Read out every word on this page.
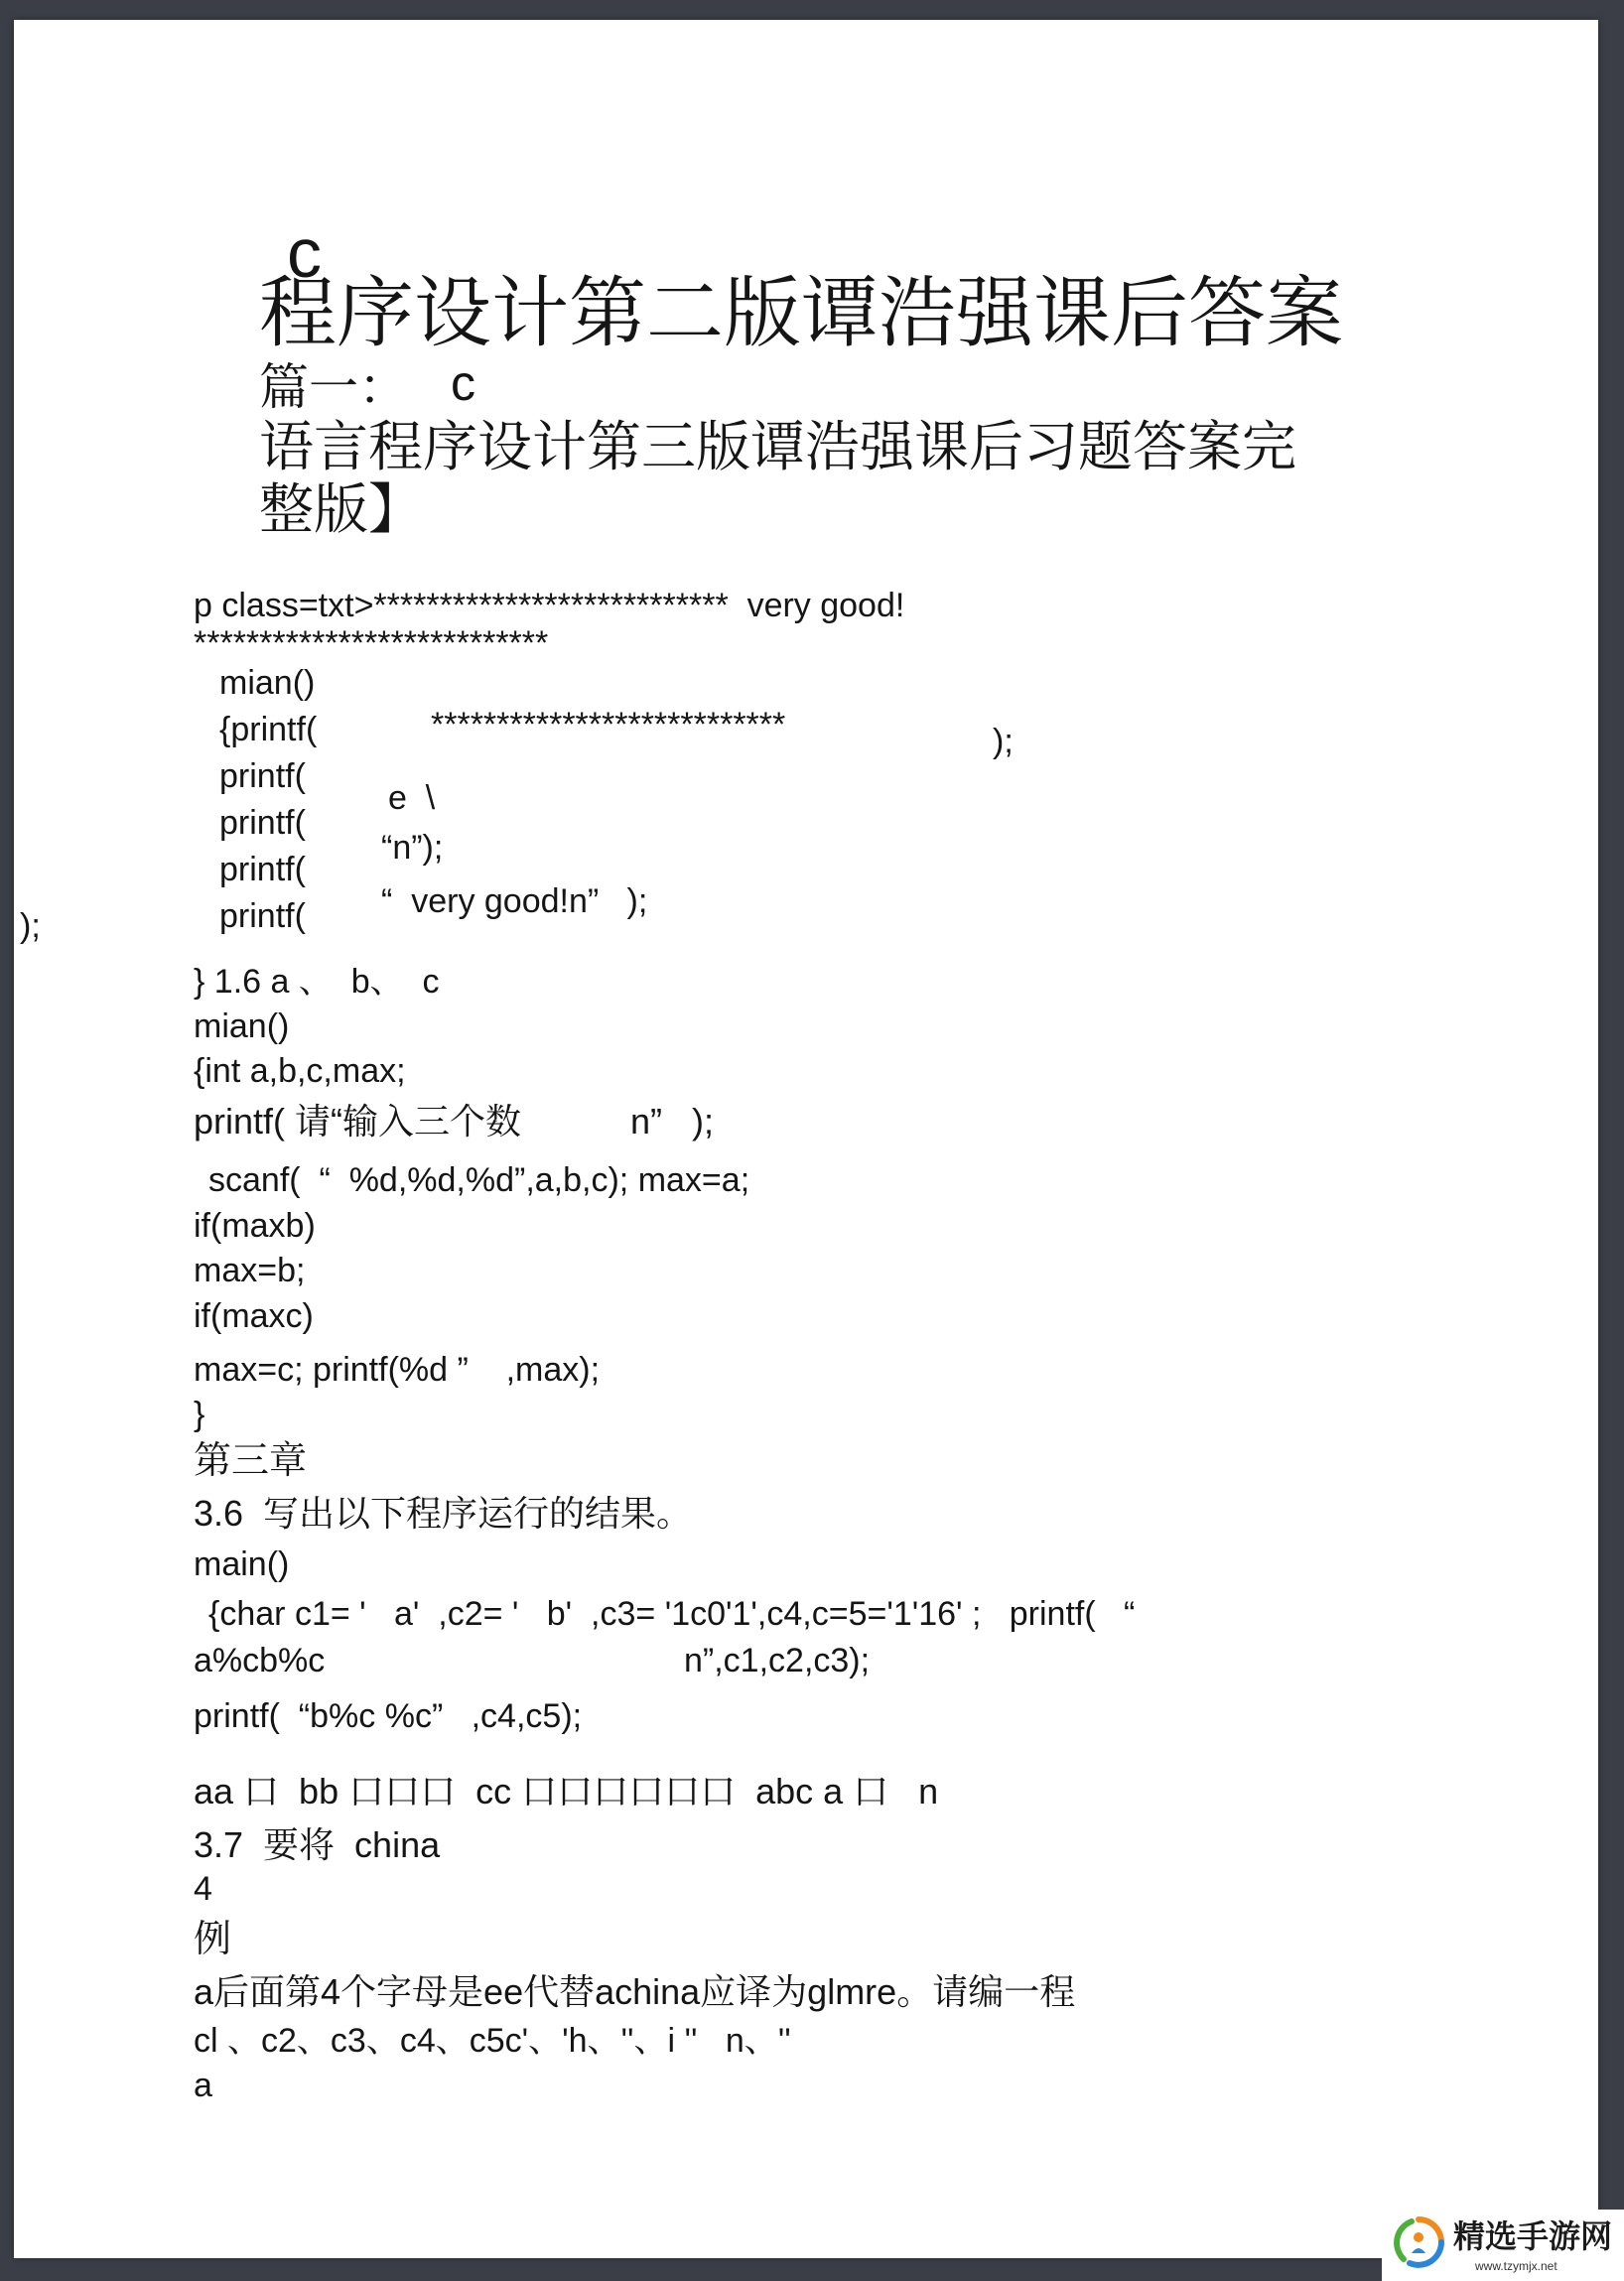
c
程序设计第二版谭浩强课后答案
篇一： c
语言程序设计第三版谭浩强课后习题答案完
整版】
p class=txt>***************************  very good!
***************************
mian()
{printf(	***************************	);
printf(
e  \
printf(
“n”);
printf(
“  very good!n”   );
printf(
);
} 1.6 a 、  b、  c
mian()
{int a,b,c,max;
printf( 请“输入三个数           n”   );
scanf(  “  %d,%d,%d”,a,b,c); max=a;
if(maxb)
max=b;
if(maxc)
max=c; printf(%d ”    ,max);
}
第三章
3.6  写出以下程序运行的结果。
main()
{char c1= '   a'  ,c2= '   b'  ,c3= '1c0'1',c4,c=5='1'16' ;   printf(   “
a%cb%c	n”,c1,c2,c3);
printf(  “b%c %c”   ,c4,c5);
aa 口  bb 口口口  cc 口口口口口口  abc a 口   n
3.7  要将  china
4
例
a后面第4个字母是ee代替achina应译为glmre。请编一程
cl 、c2、c3、c4、c5c'、'h、''、i ''   n、''
a
精选手游网
www.tzymjx.net
